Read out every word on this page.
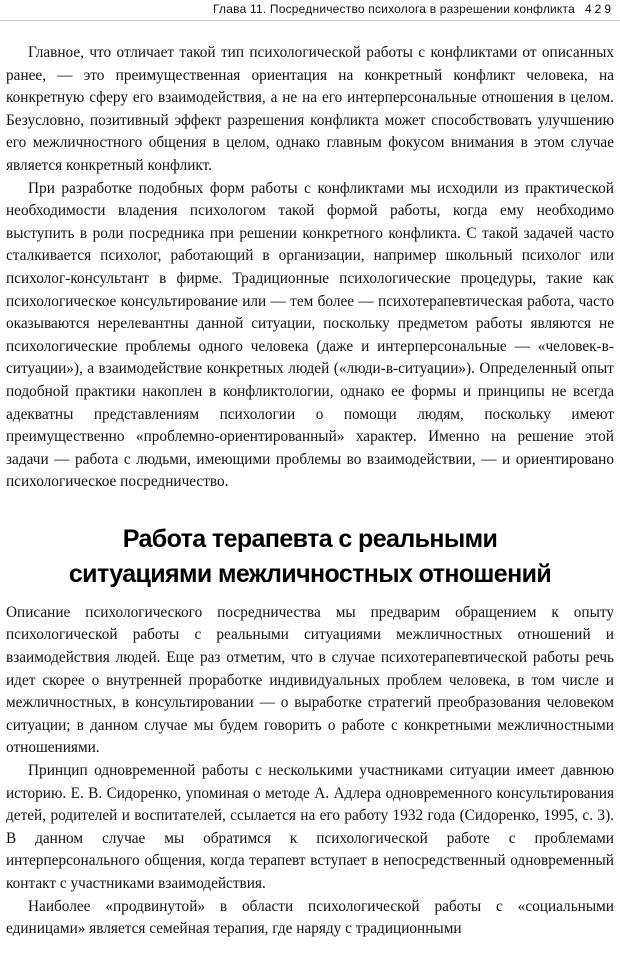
Глава 11. Посредничество психолога в разрешении конфликта 429

Главное, что отличает такой тип психологической работы с конфликтами от описанных ранее, — это преимущественная ориентация на конкретный конфликт человека, на конкретную сферу его взаимодействия, а не на его интерперсональные отношения в целом. Безусловно, позитивный эффект разрешения конфликта может способствовать улучшению его межличностного общения в целом, однако главным фокусом внимания в этом случае является конкретный конфликт.

При разработке подобных форм работы с конфликтами мы исходили из практической необходимости владения психологом такой формой работы, когда ему необходимо выступить в роли посредника при решении конкретного конфликта. С такой задачей часто сталкивается психолог, работающий в организации, например школьный психолог или психолог-консультант в фирме. Традиционные психологические процедуры, такие как психологическое консультирование или — тем более — психотерапевтическая работа, часто оказываются нерелевантны данной ситуации, поскольку предметом работы являются не психологические проблемы одного человека (даже и интерперсональные — «человек-в-ситуации»), а взаимодействие конкретных людей («люди-в-ситуации»). Определенный опыт подобной практики накоплен в конфликтологии, однако ее формы и принципы не всегда адекватны представлениям психологии о помощи людям, поскольку имеют преимущественно «проблемно-ориентированный» характер. Именно на решение этой задачи — работа с людьми, имеющими проблемы во взаимодействии, — и ориентировано психологическое посредничество.

Работа терапевта с реальными
ситуациями межличностных отношений

Описание психологического посредничества мы предварим обращением к опыту психологической работы с реальными ситуациями межличностных отношений и взаимодействия людей. Еще раз отметим, что в случае психотерапевтической работы речь идет скорее о внутренней проработке индивидуальных проблем человека, в том числе и межличностных, в консультировании — о выработке стратегий преобразования человеком ситуации; в данном случае мы будем говорить о работе с конкретными межличностными отношениями.

Принцип одновременной работы с несколькими участниками ситуации имеет давнюю историю. Е. В. Сидоренко, упоминая о методе А. Адлера одновременного консультирования детей, родителей и воспитателей, ссылается на его работу 1932 года (Сидоренко, 1995, с. 3). В данном случае мы обратимся к психологической работе с проблемами интерперсонального общения, когда терапевт вступает в непосредственный одновременный контакт с участниками взаимодействия.

Наиболее «продвинутой» в области психологической работы с «социальными единицами» является семейная терапия, где наряду с традиционными
